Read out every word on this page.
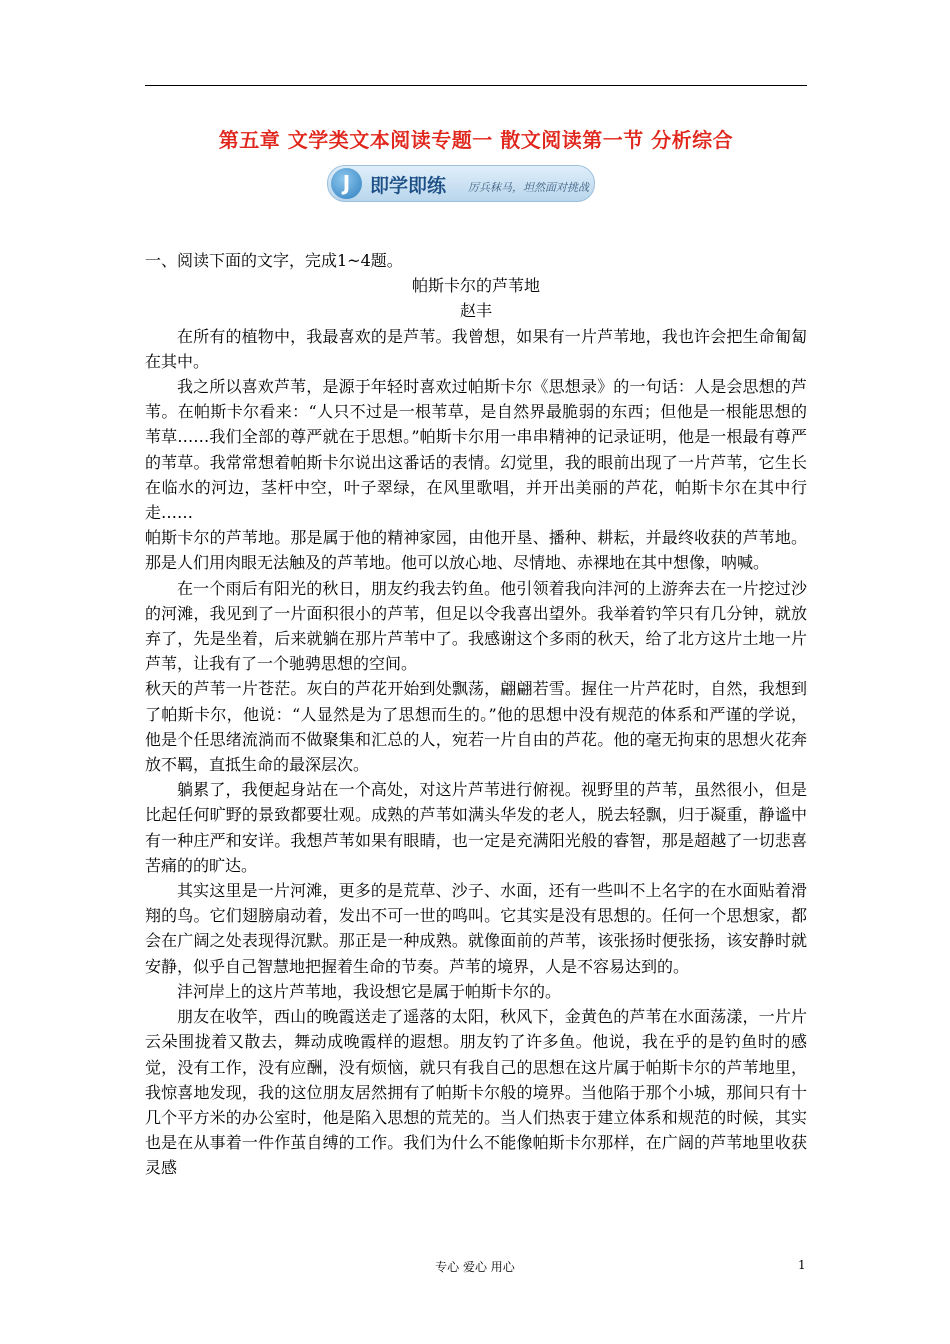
第五章 文学类文本阅读专题一 散文阅读第一节 分析综合
J	即学即练 厉兵秣马，坦然面对挑战

一、阅读下面的文字，完成1~4题。

帕斯卡尔的芦苇地

赵丰

在所有的植物中，我最喜欢的是芦苇。我曾想，如果有一片芦苇地，我也许会把生命匍匐在其中。

我之所以喜欢芦苇，是源于年轻时喜欢过帕斯卡尔《思想录》的一句话：人是会思想的芦苇。在帕斯卡尔看来：“人只不过是一根苇草，是自然界最脆弱的东西；但他是一根能思想的苇草……我们全部的尊严就在于思想。”帕斯卡尔用一串串精神的记录证明，他是一根最有尊严的苇草。我常常想着帕斯卡尔说出这番话的表情。幻觉里，我的眼前出现了一片芦苇，它生长在临水的河边，茎杆中空，叶子翠绿，在风里歌唱，并开出美丽的芦花，帕斯卡尔在其中行走……

帕斯卡尔的芦苇地。那是属于他的精神家园，由他开垦、播种、耕耘，并最终收获的芦苇地。那是人们用肉眼无法触及的芦苇地。他可以放心地、尽情地、赤裸地在其中想像，呐喊。

在一个雨后有阳光的秋日，朋友约我去钓鱼。他引领着我向沣河的上游奔去在一片挖过沙的河滩，我见到了一片面积很小的芦苇，但足以令我喜出望外。我举着钓竿只有几分钟，就放弃了，先是坐着，后来就躺在那片芦苇中了。我感谢这个多雨的秋天，给了北方这片土地一片芦苇，让我有了一个驰骋思想的空间。

秋天的芦苇一片苍茫。灰白的芦花开始到处飘荡，翩翩若雪。握住一片芦花时，自然，我想到了帕斯卡尔，他说：“人显然是为了思想而生的。”他的思想中没有规范的体系和严谨的学说，他是个任思绪流淌而不做聚集和汇总的人，宛若一片自由的芦花。他的毫无拘束的思想火花奔放不羁，直抵生命的最深层次。

躺累了，我便起身站在一个高处，对这片芦苇进行俯视。视野里的芦苇，虽然很小，但是比起任何旷野的景致都要壮观。成熟的芦苇如满头华发的老人，脱去轻飘，归于凝重，静谧中有一种庄严和安详。我想芦苇如果有眼睛，也一定是充满阳光般的睿智，那是超越了一切悲喜苦痛的的旷达。

其实这里是一片河滩，更多的是荒草、沙子、水面，还有一些叫不上名字的在水面贴着滑翔的鸟。它们翅膀扇动着，发出不可一世的鸣叫。它其实是没有思想的。任何一个思想家，都会在广阔之处表现得沉默。那正是一种成熟。就像面前的芦苇，该张扬时便张扬，该安静时就安静，似乎自己智慧地把握着生命的节奏。芦苇的境界，人是不容易达到的。

沣河岸上的这片芦苇地，我设想它是属于帕斯卡尔的。

朋友在收竿，西山的晚霞送走了遥落的太阳，秋风下，金黄色的芦苇在水面荡漾，一片片云朵围拢着又散去，舞动成晚霞样的遐想。朋友钓了许多鱼。他说，我在乎的是钓鱼时的感觉，没有工作，没有应酬，没有烦恼，就只有我自己的思想在这片属于帕斯卡尔的芦苇地里，我惊喜地发现，我的这位朋友居然拥有了帕斯卡尔般的境界。当他陷于那个小城，那间只有十几个平方米的办公室时，他是陷入思想的荒芜的。当人们热衷于建立体系和规范的时候，其实也是在从事着一件作茧自缚的工作。我们为什么不能像帕斯卡尔那样，在广阔的芦苇地里收获灵感

专心 爱心 用心	1
